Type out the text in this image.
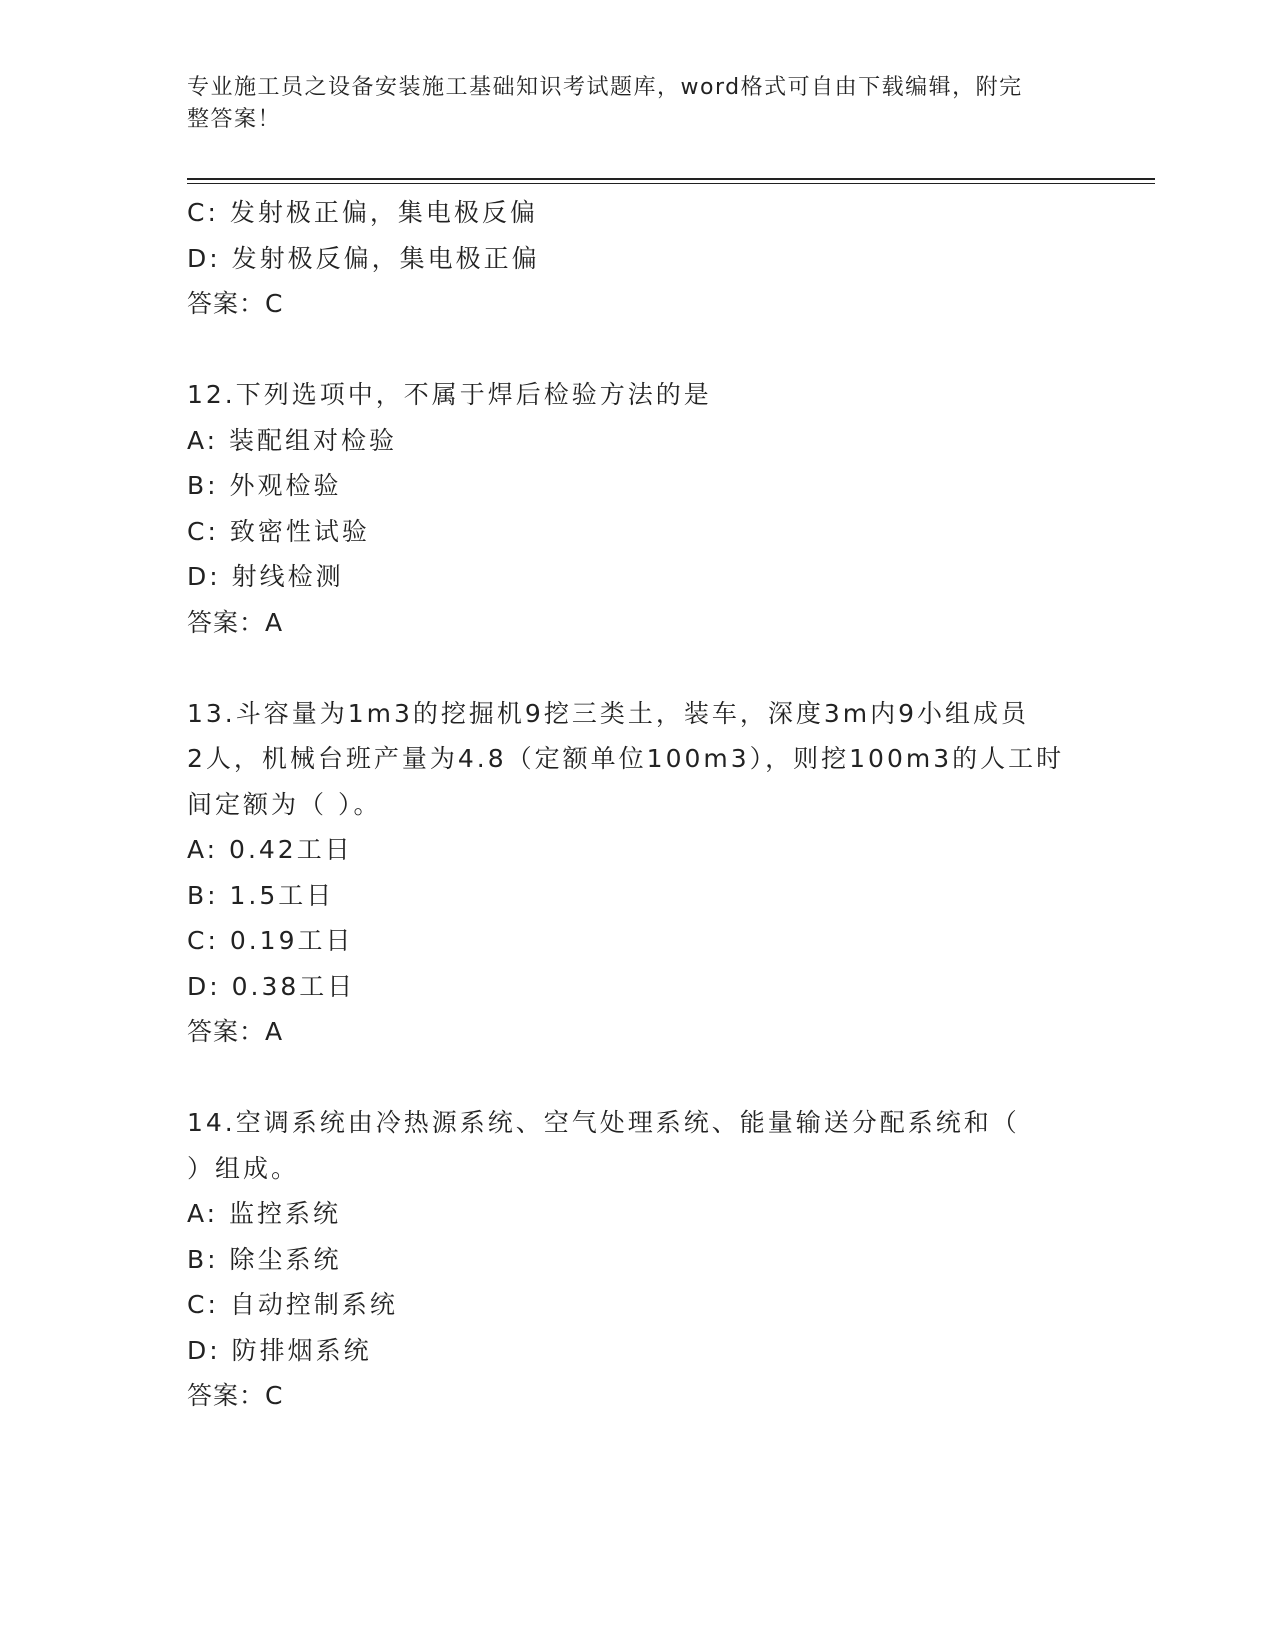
专业施工员之设备安装施工基础知识考试题库，word格式可自由下载编辑，附完
整答案！
C: 发射极正偏，集电极反偏
D: 发射极反偏，集电极正偏
答案：C
12.下列选项中，不属于焊后检验方法的是
A: 装配组对检验
B: 外观检验
C: 致密性试验
D: 射线检测
答案：A
13.斗容量为1m3的挖掘机9挖三类土，装车，深度3m内9小组成员
2人，机械台班产量为4.8（定额单位100m3），则挖100m3的人工时
间定额为（ ）。
A: 0.42工日
B: 1.5工日
C: 0.19工日
D: 0.38工日
答案：A
14.空调系统由冷热源系统、空气处理系统、能量输送分配系统和（
）组成。
A: 监控系统
B: 除尘系统
C: 自动控制系统
D: 防排烟系统
答案：C
